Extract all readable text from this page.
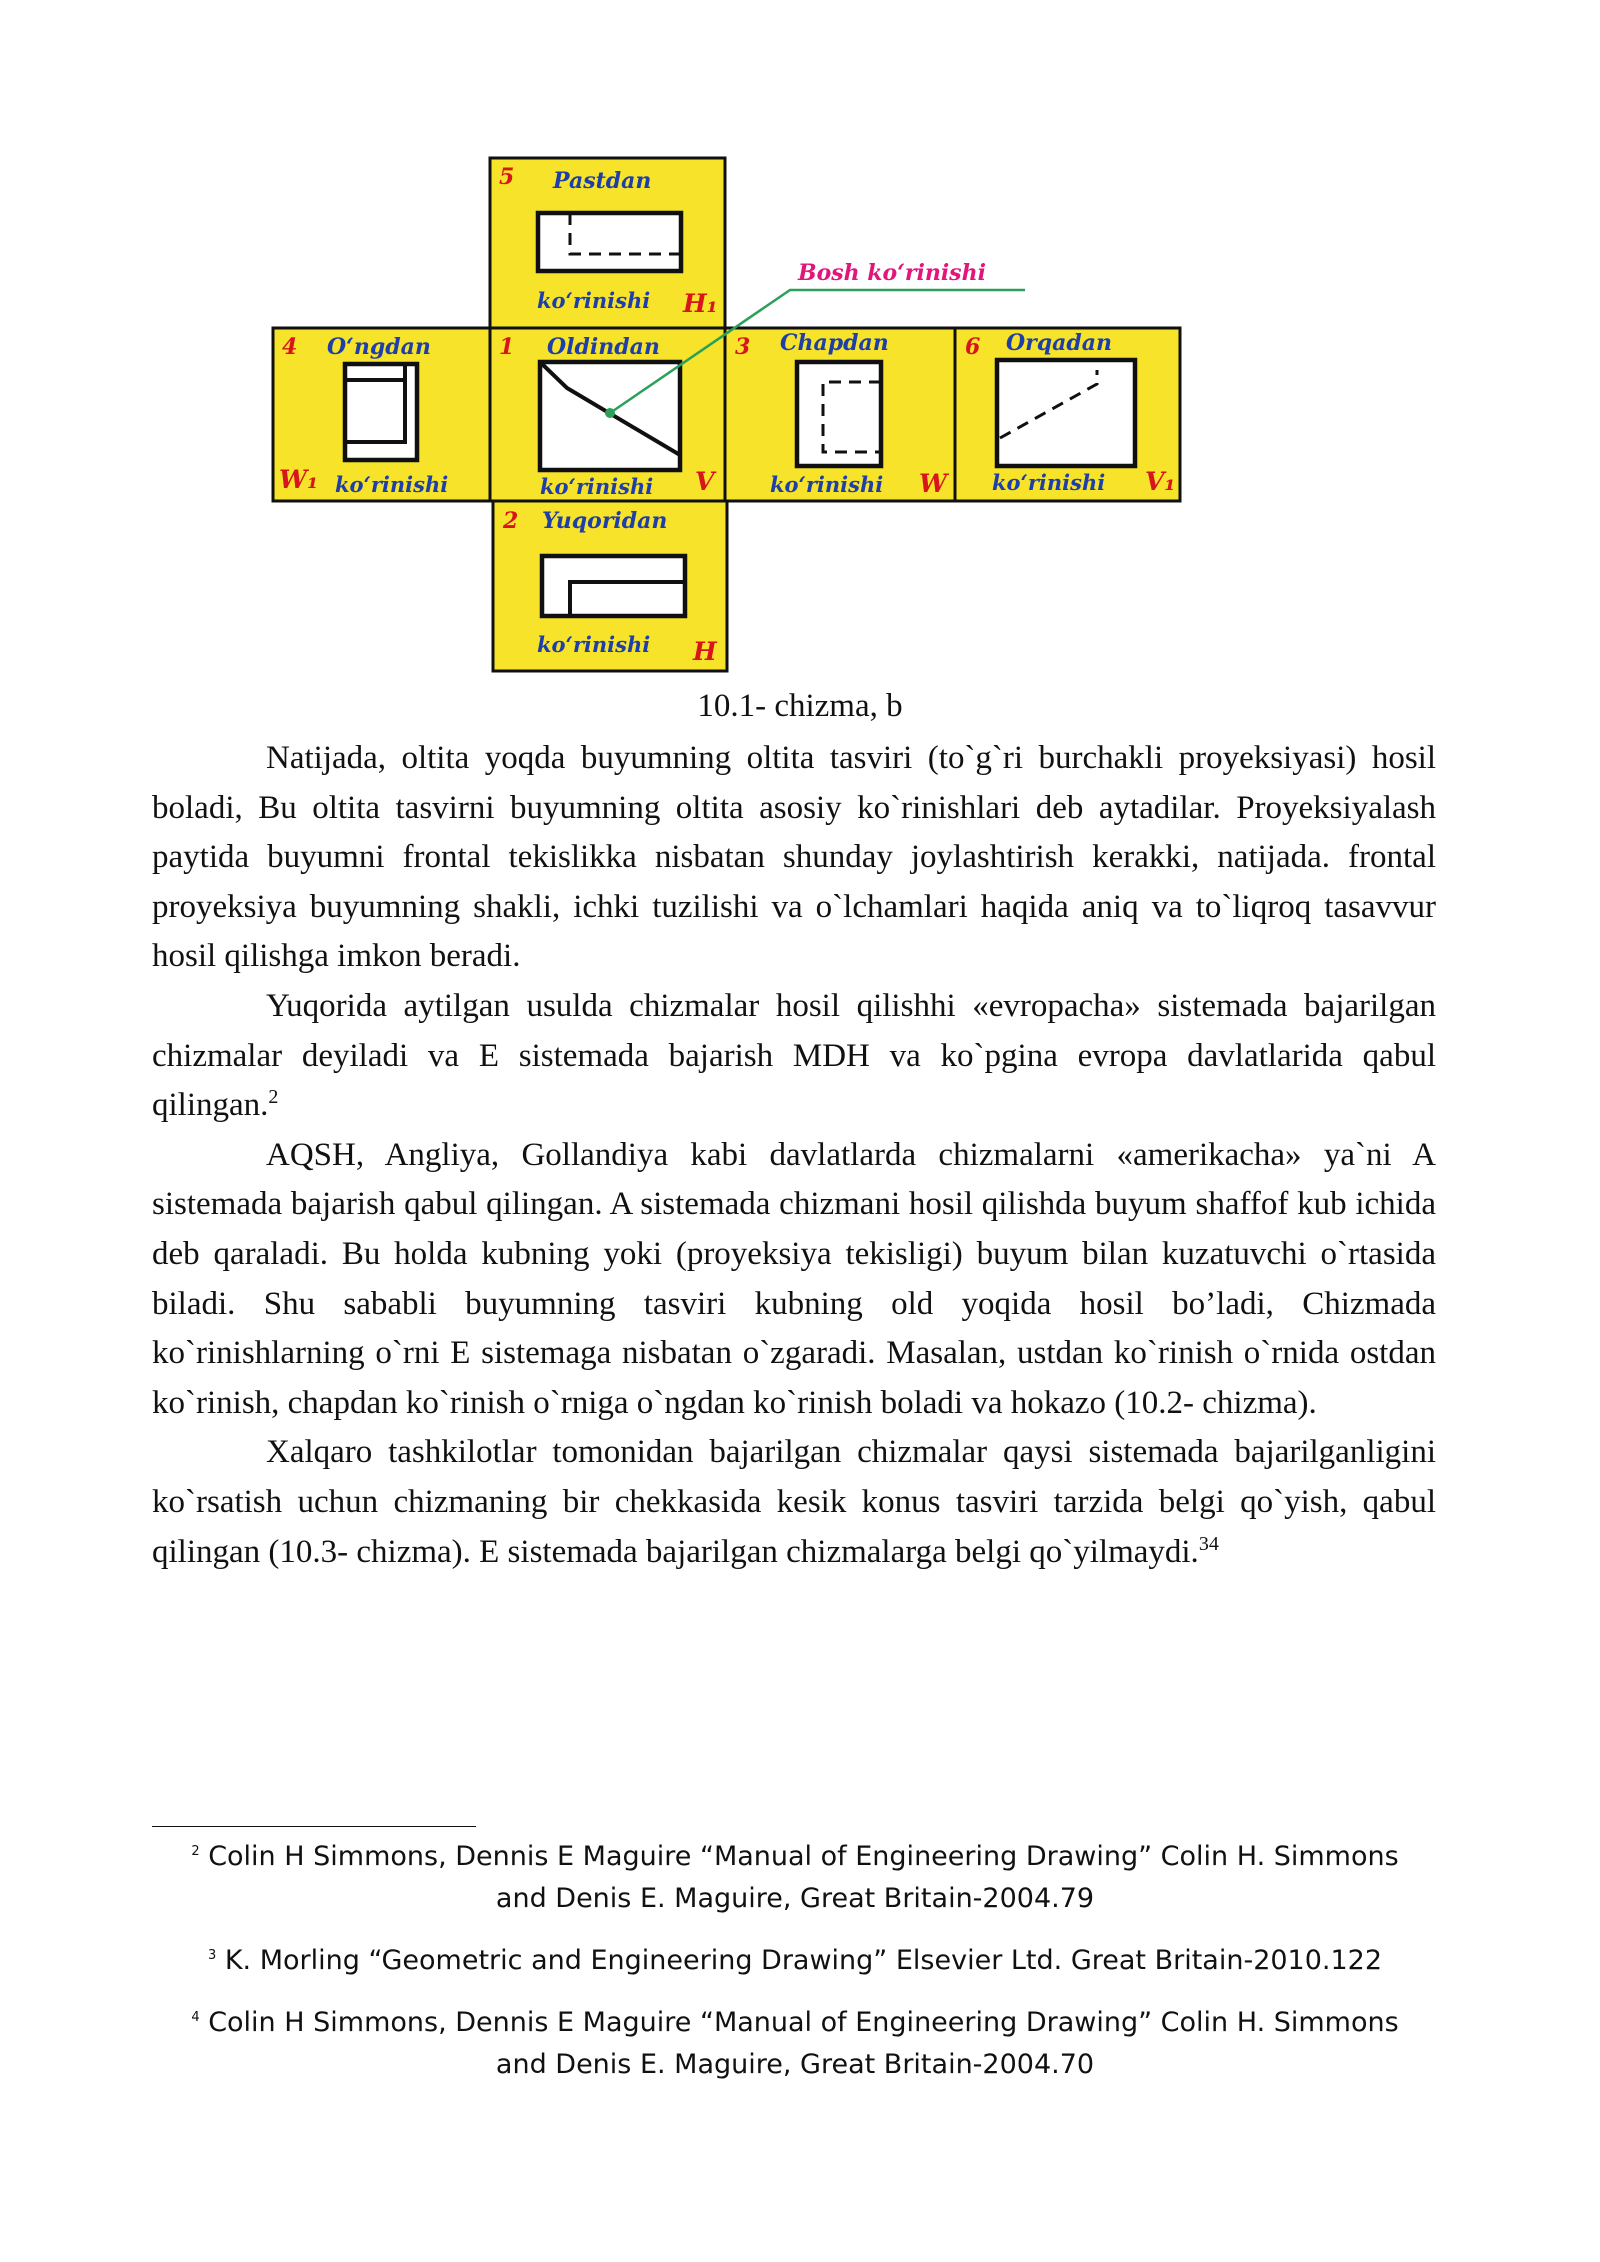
5 Pastdan
ko‘rinishi H₁
4 O‘ngdan
W₁ ko‘rinishi
1 Oldindan
ko‘rinishi V
3 Chapdan
ko‘rinishi W
6 Orqadan
ko‘rinishi V₁
2 Yuqoridan
ko‘rinishi H
Bosh ko‘rinishi
10.1- chizma, b

Natijada, oltita yoqda buyumning oltita tasviri (to`g`ri burchakli proyeksiyasi) hosil boladi, Bu oltita tasvirni buyumning oltita asosiy ko`rinishlari deb aytadilar. Proyeksiyalash paytida buyumni frontal tekislikka nisbatan shunday joylashtirish kerakki, natijada. frontal proyeksiya buyumning shakli, ichki tuzilishi va o`lchamlari haqida aniq va to`liqroq tasavvur hosil qilishga imkon beradi.

Yuqorida aytilgan usulda chizmalar hosil qilishhi «evropacha» sistemada bajarilgan chizmalar deyiladi va E sistemada bajarish MDH va ko`pgina evropa davlatlarida qabul qilingan.$^2$

AQSH, Angliya, Gollandiya kabi davlatlarda chizmalarni «amerikacha» ya`ni A sistemada bajarish qabul qilingan. A sistemada chizmani hosil qilishda buyum shaffof kub ichida deb qaraladi. Bu holda kubning yoki (proyeksiya tekisligi) buyum bilan kuzatuvchi o`rtasida biladi. Shu sababli buyumning tasviri kubning old yoqida hosil bo’ladi, Chizmada ko`rinishlarning o`rni E sistemaga nisbatan o`zgaradi. Masalan, ustdan ko`rinish o`rnida ostdan ko`rinish, chapdan ko`rinish o`rniga o`ngdan ko`rinish boladi va hokazo (10.2- chizma).

Xalqaro tashkilotlar tomonidan bajarilgan chizmalar qaysi sistemada bajarilganligini ko`rsatish uchun chizmaning bir chekkasida kesik konus tasviri tarzida belgi qo`yish, qabul qilingan (10.3- chizma). E sistemada bajarilgan chizmalarga belgi qo`yilmaydi.$^{34}$

$^2$ Colin H Simmons, Dennis E Maguire “Manual of Engineering Drawing” Colin H. Simmons and Denis E. Maguire, Great Britain-2004.79
$^3$ K. Morling “Geometric and Engineering Drawing” Elsevier Ltd. Great Britain-2010.122
$^4$ Colin H Simmons, Dennis E Maguire “Manual of Engineering Drawing” Colin H. Simmons and Denis E. Maguire, Great Britain-2004.70
